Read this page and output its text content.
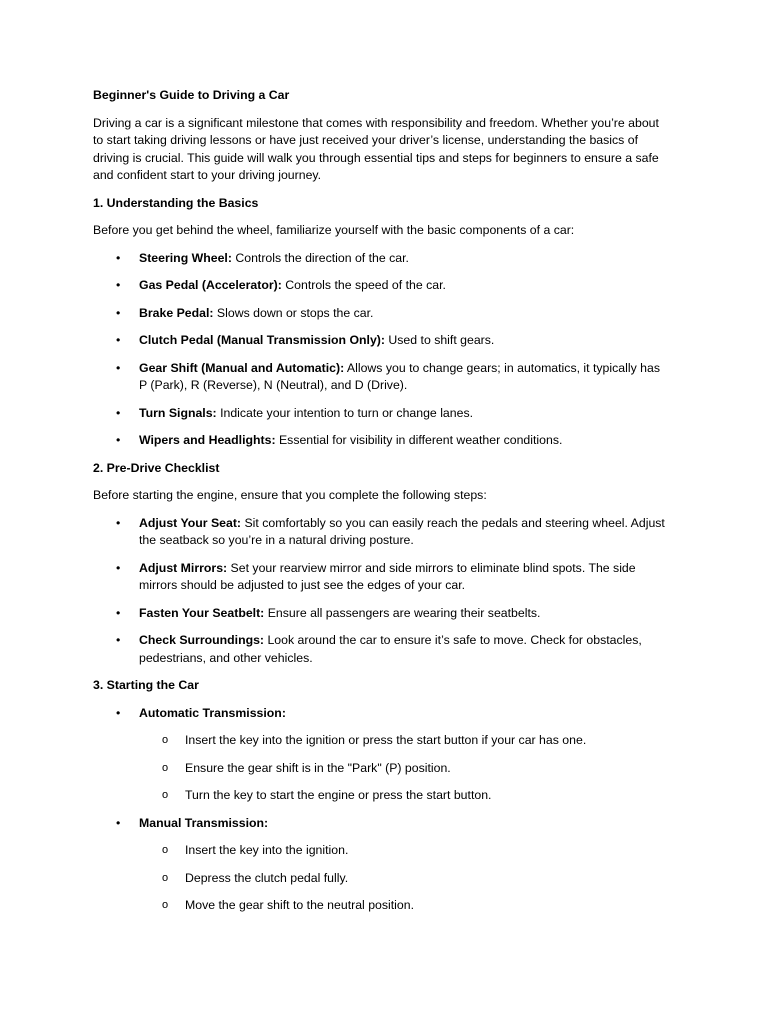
Beginner's Guide to Driving a Car

Driving a car is a significant milestone that comes with responsibility and freedom. Whether you’re about to start taking driving lessons or have just received your driver’s license, understanding the basics of driving is crucial. This guide will walk you through essential tips and steps for beginners to ensure a safe and confident start to your driving journey.

1. Understanding the Basics

Before you get behind the wheel, familiarize yourself with the basic components of a car:

• Steering Wheel: Controls the direction of the car.
• Gas Pedal (Accelerator): Controls the speed of the car.
• Brake Pedal: Slows down or stops the car.
• Clutch Pedal (Manual Transmission Only): Used to shift gears.
• Gear Shift (Manual and Automatic): Allows you to change gears; in automatics, it typically has P (Park), R (Reverse), N (Neutral), and D (Drive).
• Turn Signals: Indicate your intention to turn or change lanes.
• Wipers and Headlights: Essential for visibility in different weather conditions.
2. Pre-Drive Checklist

Before starting the engine, ensure that you complete the following steps:

• Adjust Your Seat: Sit comfortably so you can easily reach the pedals and steering wheel. Adjust the seatback so you’re in a natural driving posture.
• Adjust Mirrors: Set your rearview mirror and side mirrors to eliminate blind spots. The side mirrors should be adjusted to just see the edges of your car.
• Fasten Your Seatbelt: Ensure all passengers are wearing their seatbelts.
• Check Surroundings: Look around the car to ensure it’s safe to move. Check for obstacles, pedestrians, and other vehicles.
3. Starting the Car
• Automatic Transmission:
o Insert the key into the ignition or press the start button if your car has one.
o Ensure the gear shift is in the "Park" (P) position.
o Turn the key to start the engine or press the start button.
• Manual Transmission:
o Insert the key into the ignition.
o Depress the clutch pedal fully.
o Move the gear shift to the neutral position.
